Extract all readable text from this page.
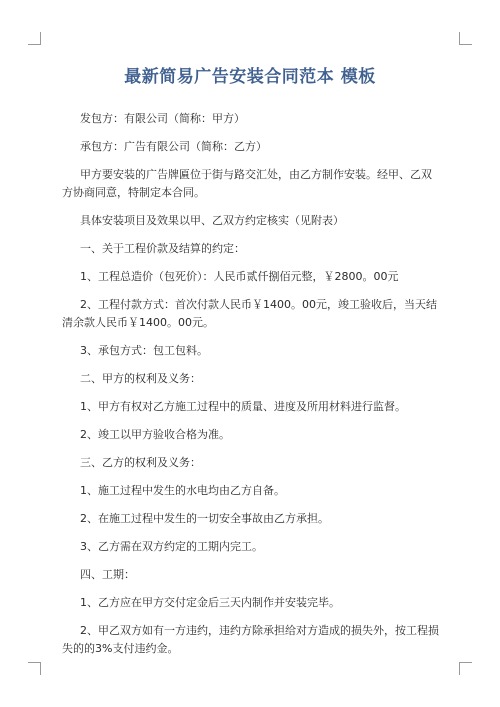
最新简易广告安装合同范本 模板

发包方：有限公司（简称：甲方）

承包方：广告有限公司（简称：乙方）

甲方要安装的广告牌匾位于街与路交汇处，由乙方制作安装。经甲、乙双方协商同意，特制定本合同。

具体安装项目及效果以甲、乙双方约定核实（见附表）

一、关于工程价款及结算的约定：

1、工程总造价（包死价）：人民币贰仟捌佰元整，￥2800。00元

2、工程付款方式：首次付款人民币￥1400。00元，竣工验收后，当天结清余款人民币￥1400。00元。

3、承包方式：包工包料。

二、甲方的权利及义务：

1、甲方有权对乙方施工过程中的质量、进度及所用材料进行监督。

2、竣工以甲方验收合格为准。

三、乙方的权利及义务：

1、施工过程中发生的水电均由乙方自备。

2、在施工过程中发生的一切安全事故由乙方承担。

3、乙方需在双方约定的工期内完工。

四、工期：

1、乙方应在甲方交付定金后三天内制作并安装完毕。

2、甲乙双方如有一方违约，违约方除承担给对方造成的损失外，按工程损失的的3%支付违约金。
